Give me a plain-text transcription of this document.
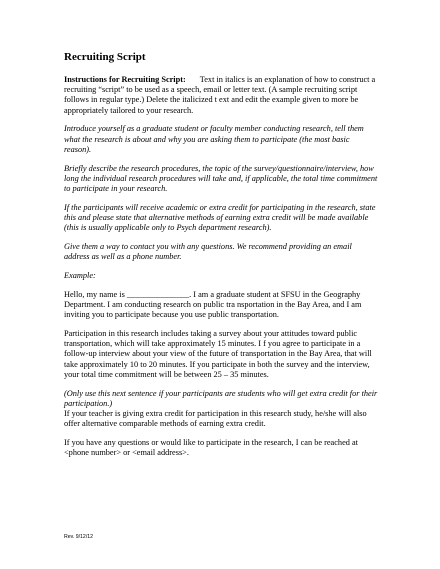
Recruiting Script
Instructions for Recruiting Script: Text in italics is an explanation of how to construct a recruiting “script” to be used as a speech, email or letter text. (A sample recruiting script follows in regular type.) Delete the italicized t ext and edit the example given to more be appropriately tailored to your research.
Introduce yourself as a graduate student or faculty member conducting research, tell them what the research is about and why you are asking them to participate (the most basic reason).
Briefly describe the research procedures, the topic of the survey/questionnaire/interview, how long the individual research procedures will take and, if applicable, the total time commitment to participate in your research.
If the participants will receive academic or extra credit for participating in the research, state this and please state that alternative methods of earning extra credit will be made available (this is usually applicable only to Psych department research).
Give them a way to contact you with any questions. We recommend providing an email address as well as a phone number.
Example:
Hello, my name is _______________. I am a graduate student at SFSU in the Geography Department. I am conducting research on public tra nsportation in the Bay Area, and I am inviting you to participate because you use public transportation.
Participation in this research includes taking a survey about your attitudes toward public transportation, which will take approximately 15 minutes. I f you agree to participate in a follow-up interview about your view of the future of transportation in the Bay Area, that will take approximately 10 to 20 minutes. If you participate in both the survey and the interview, your total time commitment will be between 25 – 35 minutes.
(Only use this next sentence if your participants are students who will get extra credit for their participation.)
If your teacher is giving extra credit for participation in this research study, he/she will also offer alternative comparable methods of earning extra credit.
If you have any questions or would like to participate in the research, I can be reached at <phone number> or <email address>.
Rev. 9/12/12
